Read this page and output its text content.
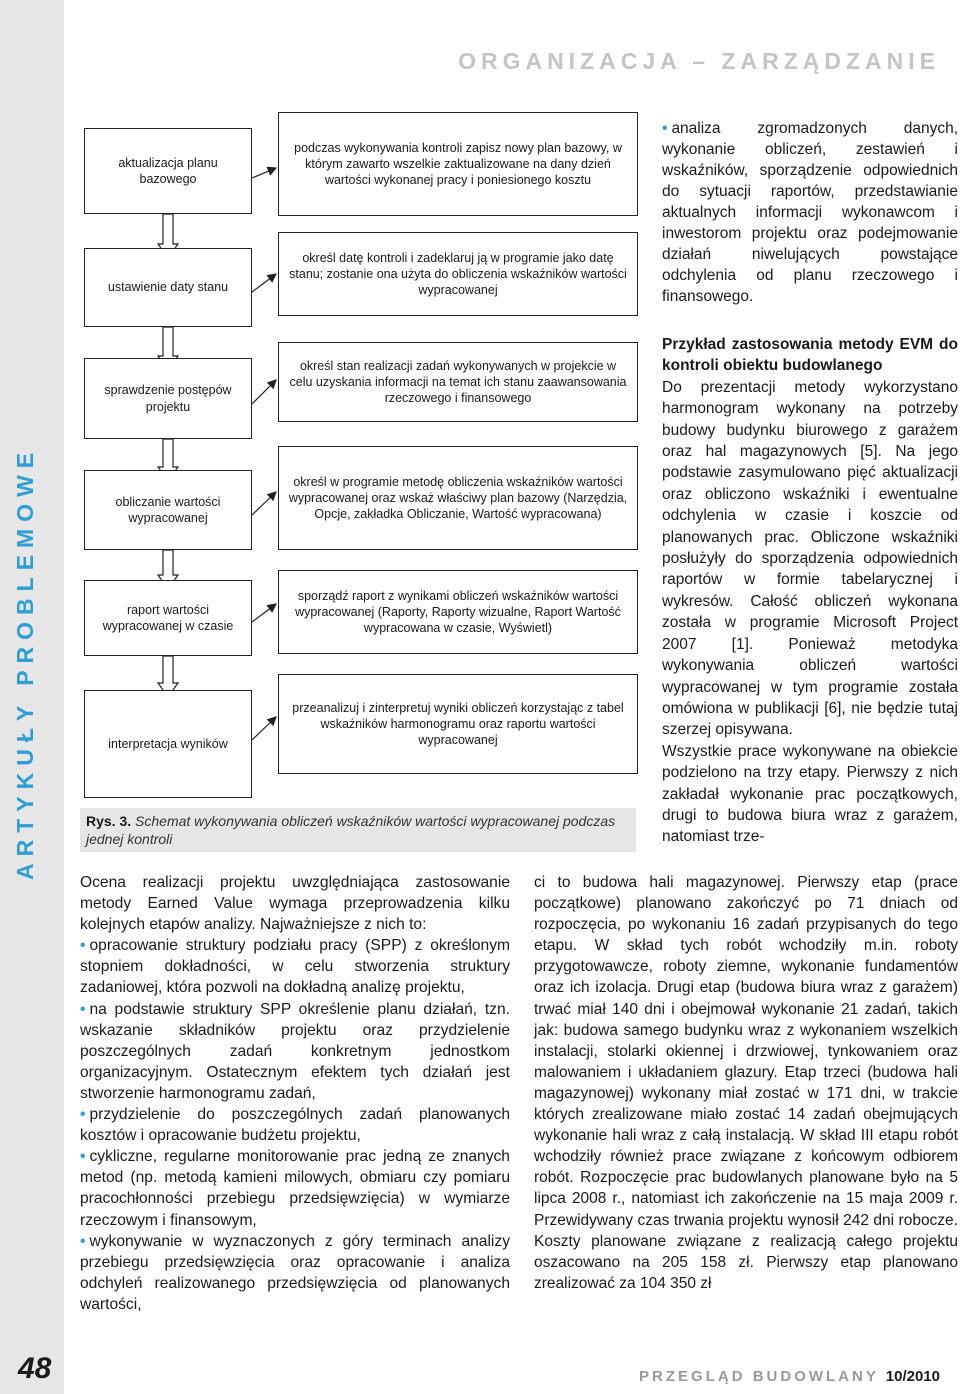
ARTYKUŁY PROBLEMOWE
48
ORGANIZACJA – ZARZĄDZANIE
aktualizacja planu bazowego
ustawienie daty stanu
sprawdzenie postępów projektu
obliczanie wartości wypracowanej
raport wartości wypracowanej w czasie
interpretacja wyników
podczas wykonywania kontroli zapisz nowy plan bazowy, w którym zawarto wszelkie zaktualizowane na dany dzień wartości wykonanej pracy i poniesionego kosztu
określ datę kontroli i zadeklaruj ją w programie jako datę stanu; zostanie ona użyta do obliczenia wskaźników wartości wypracowanej
określ stan realizacji zadań wykonywanych w projekcie w celu uzyskania informacji na temat ich stanu zaawansowania rzeczowego i finansowego
określ w programie metodę obliczenia wskaźników wartości wypracowanej oraz wskaż właściwy plan bazowy (Narzędzia, Opcje, zakładka Obliczanie, Wartość wypracowana)
sporządź raport z wynikami obliczeń wskaźników wartości wypracowanej (Raporty, Raporty wizualne, Raport Wartość wypracowana w czasie, Wyświetl)
przeanalizuj i zinterpretuj wyniki obliczeń korzystając z tabel wskaźników harmonogramu oraz raportu wartości wypracowanej
Rys. 3. Schemat wykonywania obliczeń wskaźników wartości wypracowanej podczas jednej kontroli
• analiza zgromadzonych danych, wykonanie obliczeń, zestawień i wskaźników, sporządzenie odpowiednich do sytuacji raportów, przedstawianie aktualnych informacji wykonawcom i inwestorom projektu oraz podejmowanie działań niwelujących powstające odchylenia od planu rzeczowego i finansowego.
Przykład zastosowania metody EVM do kontroli obiektu budowlanego
Do prezentacji metody wykorzystano harmonogram wykonany na potrzeby budowy budynku biurowego z garażem oraz hal magazynowych [5]. Na jego podstawie zasymulowano pięć aktualizacji oraz obliczono wskaźniki i ewentualne odchylenia w czasie i koszcie od planowanych prac. Obliczone wskaźniki posłużyły do sporządzenia odpowiednich raportów w formie tabelarycznej i wykresów. Całość obliczeń wykonana została w programie Microsoft Project 2007 [1]. Ponieważ metodyka wykonywania obliczeń wartości wypracowanej w tym programie została omówiona w publikacji [6], nie będzie tutaj szerzej opisywana.
Wszystkie prace wykonywane na obiekcie podzielono na trzy etapy. Pierwszy z nich zakładał wykonanie prac początkowych, drugi to budowa biura wraz z garażem, natomiast trze-
Ocena realizacji projektu uwzględniająca zastosowanie metody Earned Value wymaga przeprowadzenia kilku kolejnych etapów analizy. Najważniejsze z nich to:
• opracowanie struktury podziału pracy (SPP) z określonym stopniem dokładności, w celu stworzenia struktury zadaniowej, która pozwoli na dokładną analizę projektu,
• na podstawie struktury SPP określenie planu działań, tzn. wskazanie składników projektu oraz przydzielenie poszczególnych zadań konkretnym jednostkom organizacyjnym. Ostatecznym efektem tych działań jest stworzenie harmonogramu zadań,
• przydzielenie do poszczególnych zadań planowanych kosztów i opracowanie budżetu projektu,
• cykliczne, regularne monitorowanie prac jedną ze znanych metod (np. metodą kamieni milowych, obmiaru czy pomiaru pracochłonności przebiegu przedsięwzięcia) w wymiarze rzeczowym i finansowym,
• wykonywanie w wyznaczonych z góry terminach analizy przebiegu przedsięwzięcia oraz opracowanie i analiza odchyleń realizowanego przedsięwzięcia od planowanych wartości,
ci to budowa hali magazynowej. Pierwszy etap (prace początkowe) planowano zakończyć po 71 dniach od rozpoczęcia, po wykonaniu 16 zadań przypisanych do tego etapu. W skład tych robót wchodziły m.in. roboty przygotowawcze, roboty ziemne, wykonanie fundamentów oraz ich izolacja. Drugi etap (budowa biura wraz z garażem) trwać miał 140 dni i obejmował wykonanie 21 zadań, takich jak: budowa samego budynku wraz z wykonaniem wszelkich instalacji, stolarki okiennej i drzwiowej, tynkowaniem oraz malowaniem i układaniem glazury. Etap trzeci (budowa hali magazynowej) wykonany miał zostać w 171 dni, w trakcie których zrealizowane miało zostać 14 zadań obejmujących wykonanie hali wraz z całą instalacją. W skład III etapu robót wchodziły również prace związane z końcowym odbiorem robót. Rozpoczęcie prac budowlanych planowane było na 5 lipca 2008 r., natomiast ich zakończenie na 15 maja 2009 r. Przewidywany czas trwania projektu wynosił 242 dni robocze. Koszty planowane związane z realizacją całego projektu oszacowano na 205 158 zł. Pierwszy etap planowano zrealizować za 104 350 zł
PRZEGLĄD BUDOWLANY 10/2010
